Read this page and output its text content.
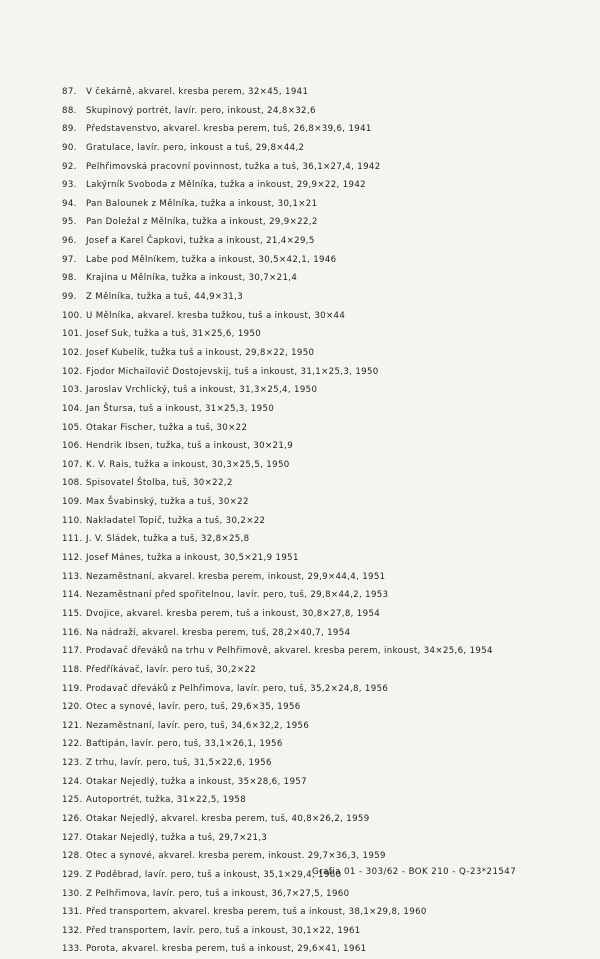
87.	V čekárně, akvarel. kresba perem, 32×45, 1941
88.	Skupinový portrét, lavír. pero, inkoust, 24,8×32,6
89.	Představenstvo, akvarel. kresba perem, tuš, 26,8×39,6, 1941
90.	Gratulace, lavír. pero, inkoust a tuš, 29,8×44,2
92.	Pelhřimovská pracovní povinnost, tužka a tuš, 36,1×27,4, 1942
93.	Lakýrník Svoboda z Mělníka, tužka a inkoust, 29,9×22, 1942
94.	Pan Balounek z Mělníka, tužka a inkoust, 30,1×21
95.	Pan Doležal z Mělníka, tužka a inkoust, 29,9×22,2
96.	Josef a Karel Čapkovi, tužka a inkoust, 21,4×29,5
97.	Labe pod Mělníkem, tužka a inkoust, 30,5×42,1, 1946
98.	Krajina u Mělníka, tužka a inkoust, 30,7×21,4
99.	Z Mělníka, tužka a tuš, 44,9×31,3
100. U Mělníka, akvarel. kresba tužkou, tuš a inkoust, 30×44
101. Josef Suk, tužka a tuš, 31×25,6, 1950
102. Josef Kubelík, tužka tuš a inkoust, 29,8×22, 1950
102. Fjodor Michailovič Dostojevskij, tuš a inkoust, 31,1×25,3, 1950
103. Jaroslav Vrchlický, tuš a inkoust, 31,3×25,4, 1950
104. Jan Štursa, tuš a inkoust, 31×25,3, 1950
105. Otakar Fischer, tužka a tuš, 30×22
106. Hendrik Ibsen, tužka, tuš a inkoust, 30×21,9
107. K. V. Rais, tužka a inkoust, 30,3×25,5, 1950
108. Spisovatel Štolba, tuš, 30×22,2
109. Max Švabinský, tužka a tuš, 30×22
110. Nakladatel Topič, tužka a tuš, 30,2×22
111. J. V. Sládek, tužka a tuš, 32,8×25,8
112. Josef Mánes, tužka a inkoust, 30,5×21,9 1951
113. Nezaměstnaní, akvarel. kresba perem, inkoust, 29,9×44,4, 1951
114. Nezaměstnaní před spořitelnou, lavír. pero, tuš, 29,8×44,2, 1953
115. Dvojice, akvarel. kresba perem, tuš a inkoust, 30,8×27,8, 1954
116. Na nádraží, akvarel. kresba perem, tuš, 28,2×40,7, 1954
117. Prodavač dřeváků na trhu v Pelhřimově, akvarel. kresba perem, inkoust, 34×25,6, 1954
118. Předříkávač, lavír. pero tuš, 30,2×22
119. Prodavač dřeváků z Pelhřimova, lavír. pero, tuš, 35,2×24,8, 1956
120. Otec a synové, lavír. pero, tuš, 29,6×35, 1956
121. Nezaměstnaní, lavír. pero, tuš, 34,6×32,2, 1956
122. Baťtipán, lavír. pero, tuš, 33,1×26,1, 1956
123. Z trhu, lavír. pero, tuš, 31,5×22,6, 1956
124. Otakar Nejedlý, tužka a inkoust, 35×28,6, 1957
125. Autoportrét, tužka, 31×22,5, 1958
126. Otakar Nejedlý, akvarel. kresba perem, tuš, 40,8×26,2, 1959
127. Otakar Nejedlý, tužka a tuš, 29,7×21,3
128. Otec a synové, akvarel. kresba perem, inkoust. 29,7×36,3, 1959
129. Z Poděbrad, lavír. pero, tuš a inkoust, 35,1×29,4, 1960
130. Z Pelhřimova, lavír. pero, tuš a inkoust, 36,7×27,5, 1960
131. Před transportem, akvarel. kresba perem, tuš a inkoust, 38,1×29,8, 1960
132. Před transportem, lavír. pero, tuš a inkoust, 30,1×22, 1961
133. Porota, akvarel. kresba perem, tuš a inkoust, 29,6×41, 1961
Grafia 01 - 303/62 - BOK 210 - Q-23*21547
